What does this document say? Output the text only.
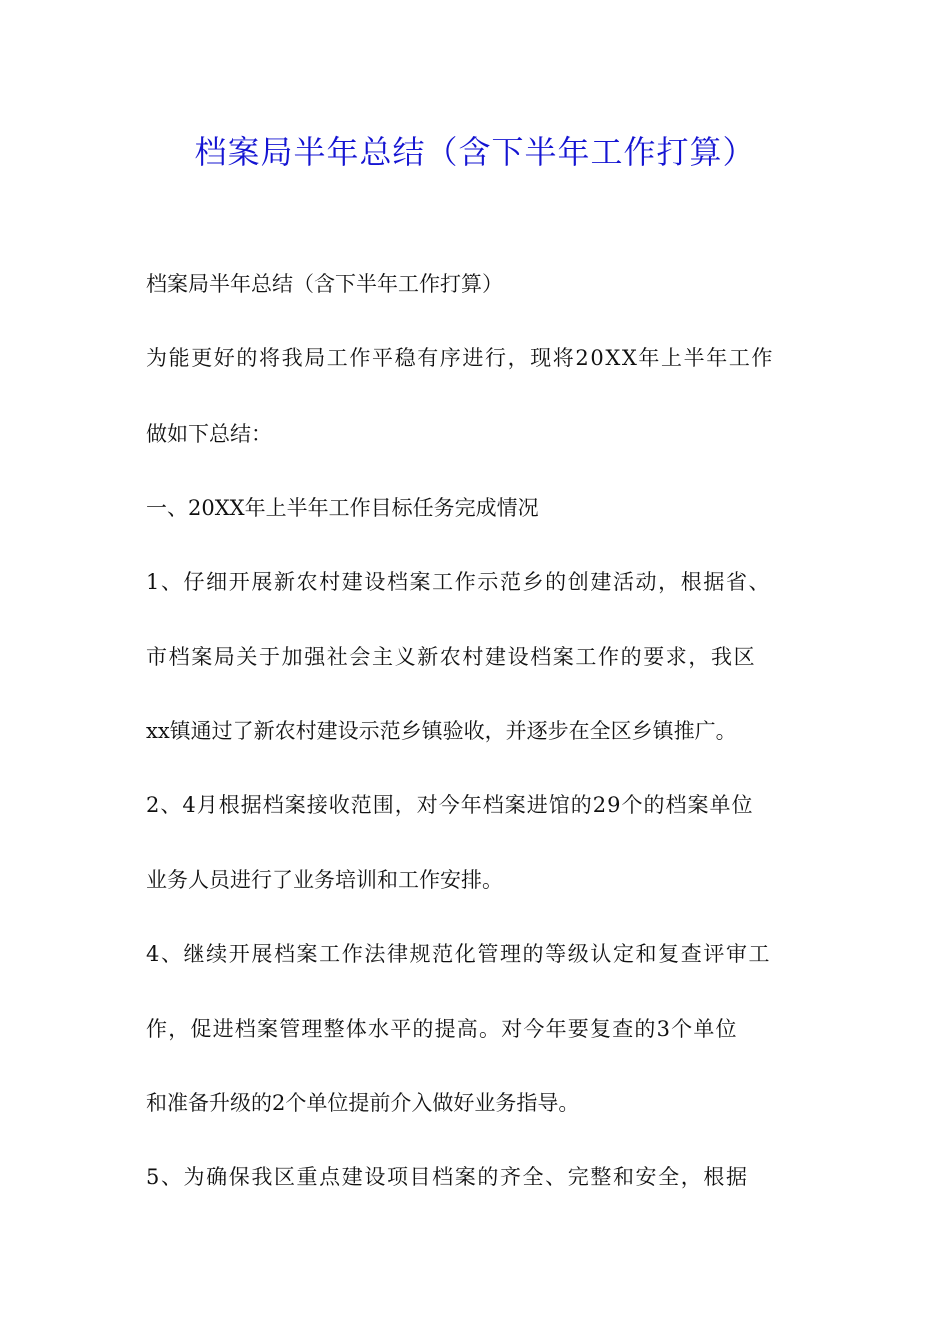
档案局半年总结（含下半年工作打算）

档案局半年总结（含下半年工作打算）

为能更好的将我局工作平稳有序进行，现将20XX年上半年工作

做如下总结：

一、20XX年上半年工作目标任务完成情况

1、仔细开展新农村建设档案工作示范乡的创建活动，根据省、

市档案局关于加强社会主义新农村建设档案工作的要求，我区

xx镇通过了新农村建设示范乡镇验收，并逐步在全区乡镇推广。

2、4月根据档案接收范围，对今年档案进馆的29个的档案单位

业务人员进行了业务培训和工作安排。

4、继续开展档案工作法律规范化管理的等级认定和复查评审工

作，促进档案管理整体水平的提高。对今年要复查的3个单位

和准备升级的2个单位提前介入做好业务指导。

5、为确保我区重点建设项目档案的齐全、完整和安全，根据
